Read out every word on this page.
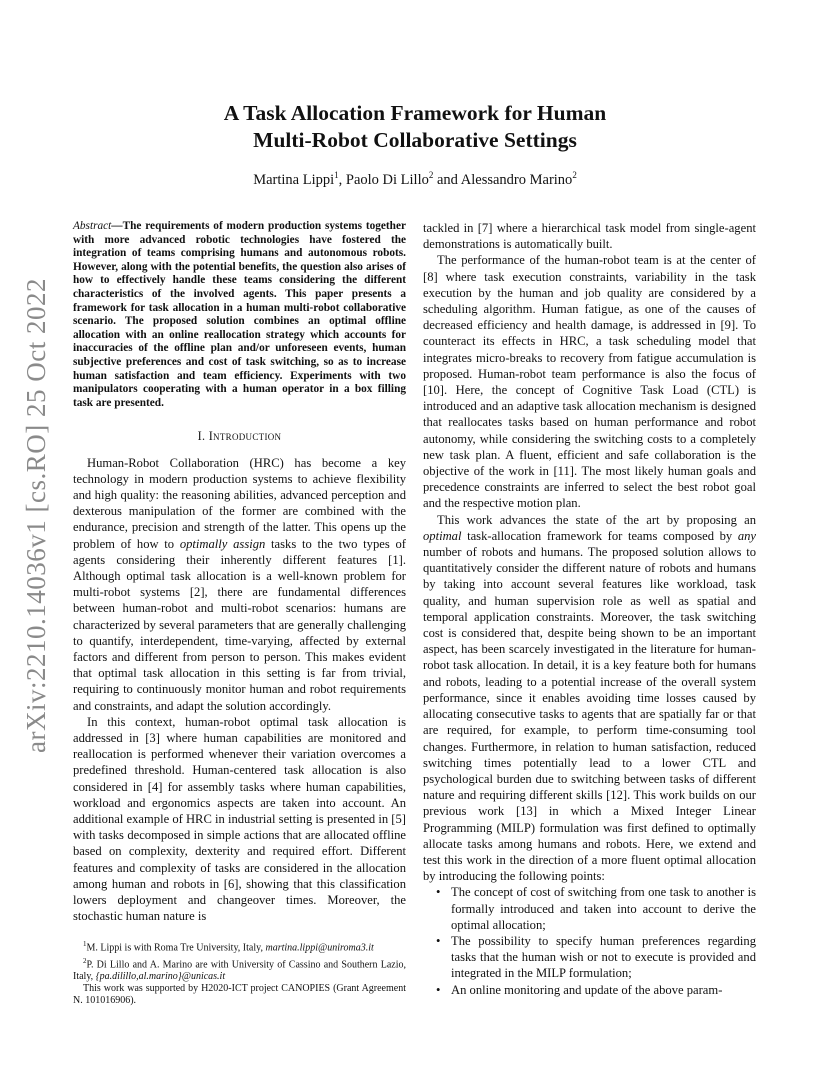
arXiv:2210.14036v1 [cs.RO] 25 Oct 2022
A Task Allocation Framework for Human
Multi-Robot Collaborative Settings
Martina Lippi$^1$, Paolo Di Lillo$^2$ and Alessandro Marino$^2$
Abstract—The requirements of modern production systems together with more advanced robotic technologies have fostered the integration of teams comprising humans and autonomous robots. However, along with the potential benefits, the question also arises of how to effectively handle these teams considering the different characteristics of the involved agents. This paper presents a framework for task allocation in a human multi-robot collaborative scenario. The proposed solution combines an optimal offline allocation with an online reallocation strategy which accounts for inaccuracies of the offline plan and/or unforeseen events, human subjective preferences and cost of task switching, so as to increase human satisfaction and team efficiency. Experiments with two manipulators cooperating with a human operator in a box filling task are presented.
I. Introduction

Human-Robot Collaboration (HRC) has become a key technology in modern production systems to achieve flexibility and high quality: the reasoning abilities, advanced perception and dexterous manipulation of the former are combined with the endurance, precision and strength of the latter. This opens up the problem of how to optimally assign tasks to the two types of agents considering their inherently different features [1]. Although optimal task allocation is a well-known problem for multi-robot systems [2], there are fundamental differences between human-robot and multi-robot scenarios: humans are characterized by several parameters that are generally challenging to quantify, interdependent, time-varying, affected by external factors and different from person to person. This makes evident that optimal task allocation in this setting is far from trivial, requiring to continuously monitor human and robot requirements and constraints, and adapt the solution accordingly.

In this context, human-robot optimal task allocation is addressed in [3] where human capabilities are monitored and reallocation is performed whenever their variation overcomes a predefined threshold. Human-centered task allocation is also considered in [4] for assembly tasks where human capabilities, workload and ergonomics aspects are taken into account. An additional example of HRC in industrial setting is presented in [5] with tasks decomposed in simple actions that are allocated offline based on complexity, dexterity and required effort. Different features and complexity of tasks are considered in the allocation among human and robots in [6], showing that this classification lowers deployment and changeover times. Moreover, the stochastic human nature is

tackled in [7] where a hierarchical task model from single-agent demonstrations is automatically built.

The performance of the human-robot team is at the center of [8] where task execution constraints, variability in the task execution by the human and job quality are considered by a scheduling algorithm. Human fatigue, as one of the causes of decreased efficiency and health damage, is addressed in [9]. To counteract its effects in HRC, a task scheduling model that integrates micro-breaks to recovery from fatigue accumulation is proposed. Human-robot team performance is also the focus of [10]. Here, the concept of Cognitive Task Load (CTL) is introduced and an adaptive task allocation mechanism is designed that reallocates tasks based on human performance and robot autonomy, while considering the switching costs to a completely new task plan. A fluent, efficient and safe collaboration is the objective of the work in [11]. The most likely human goals and precedence constraints are inferred to select the best robot goal and the respective motion plan.

This work advances the state of the art by proposing an optimal task-allocation framework for teams composed by any number of robots and humans. The proposed solution allows to quantitatively consider the different nature of robots and humans by taking into account several features like workload, task quality, and human supervision role as well as spatial and temporal application constraints. Moreover, the task switching cost is considered that, despite being shown to be an important aspect, has been scarcely investigated in the literature for human-robot task allocation. In detail, it is a key feature both for humans and robots, leading to a potential increase of the overall system performance, since it enables avoiding time losses caused by allocating consecutive tasks to agents that are spatially far or that are required, for example, to perform time-consuming tool changes. Furthermore, in relation to human satisfaction, reduced switching times potentially lead to a lower CTL and psychological burden due to switching between tasks of different nature and requiring different skills [12]. This work builds on our previous work [13] in which a Mixed Integer Linear Programming (MILP) formulation was first defined to optimally allocate tasks among humans and robots. Here, we extend and test this work in the direction of a more fluent optimal allocation by introducing the following points:

• The concept of cost of switching from one task to another is formally introduced and taken into account to derive the optimal allocation;
• The possibility to specify human preferences regarding tasks that the human wish or not to execute is provided and integrated in the MILP formulation;
• An online monitoring and update of the above param-
$^1$M. Lippi is with Roma Tre University, Italy, martina.lippi@uniroma3.it
$^2$P. Di Lillo and A. Marino are with University of Cassino and Southern Lazio, Italy, {pa.dilillo,al.marino}@unicas.it
This work was supported by H2020-ICT project CANOPIES (Grant Agreement N. 101016906).
